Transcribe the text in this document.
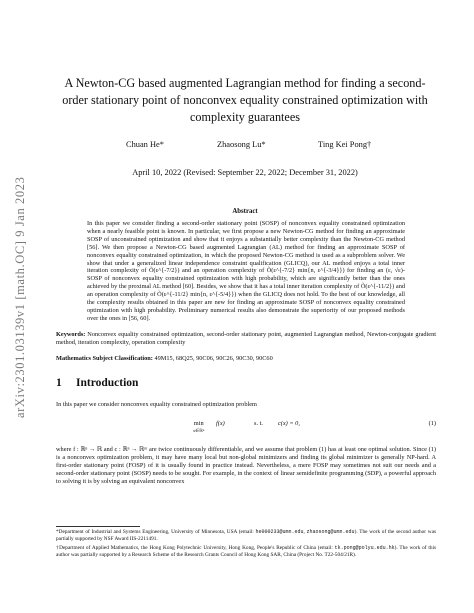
arXiv:2301.03139v1 [math.OC] 9 Jan 2023
A Newton-CG based augmented Lagrangian method for finding a second-order stationary point of nonconvex equality constrained optimization with complexity guarantees
Chuan He*	Zhaosong Lu*	Ting Kei Pong†
April 10, 2022 (Revised: September 22, 2022; December 31, 2022)
Abstract
In this paper we consider finding a second-order stationary point (SOSP) of nonconvex equality constrained optimization when a nearly feasible point is known. In particular, we first propose a new Newton-CG method for finding an approximate SOSP of unconstrained optimization and show that it enjoys a substantially better complexity than the Newton-CG method [56]. We then propose a Newton-CG based augmented Lagrangian (AL) method for finding an approximate SOSP of nonconvex equality constrained optimization, in which the proposed Newton-CG method is used as a subproblem solver. We show that under a generalized linear independence constraint qualification (GLICQ), our AL method enjoys a total inner iteration complexity of Õ(ε^{-7/2}) and an operation complexity of Õ(ε^{-7/2} min{n, ε^{-3/4}}) for finding an (ε, √ε)-SOSP of nonconvex equality constrained optimization with high probability, which are significantly better than the ones achieved by the proximal AL method [60]. Besides, we show that it has a total inner iteration complexity of Õ(ε^{-11/2}) and an operation complexity of Õ(ε^{-11/2} min{n, ε^{-5/4}}) when the GLICQ does not hold. To the best of our knowledge, all the complexity results obtained in this paper are new for finding an approximate SOSP of nonconvex equality constrained optimization with high probability. Preliminary numerical results also demonstrate the superiority of our proposed methods over the ones in [56, 60].
Keywords: Nonconvex equality constrained optimization, second-order stationary point, augmented Lagrangian method, Newton-conjugate gradient method, iteration complexity, operation complexity
Mathematics Subject Classification: 49M15, 68Q25, 90C06, 90C26, 90C30, 90C60
1 Introduction
In this paper we consider nonconvex equality constrained optimization problem
min
x∈ℝⁿ
f(x)	s. t. c(x) = 0,	(1)
where f : ℝⁿ → ℝ and c : ℝⁿ → ℝᵐ are twice continuously differentiable, and we assume that problem (1) has at least one optimal solution. Since (1) is a nonconvex optimization problem, it may have many local but non-global minimizers and finding its global minimizer is generally NP-hard. A first-order stationary point (FOSP) of it is usually found in practice instead. Nevertheless, a mere FOSP may sometimes not suit our needs and a second-order stationary point (SOSP) needs to be sought. For example, in the context of linear semidefinite programming (SDP), a powerful approach to solving it is by solving an equivalent nonconvex
*Department of Industrial and Systems Engineering, University of Minnesota, USA (email: he000233@umn.edu, zhaosong@umn.edu). The work of the second author was partially supported by NSF Award IIS-2211491.
†Department of Applied Mathematics, the Hong Kong Polytechnic University, Hong Kong, People's Republic of China (email: tk.pong@polyu.edu.hk). The work of this author was partially supported by a Research Scheme of the Research Grants Council of Hong Kong SAR, China (Project No. T22-504/21R).
